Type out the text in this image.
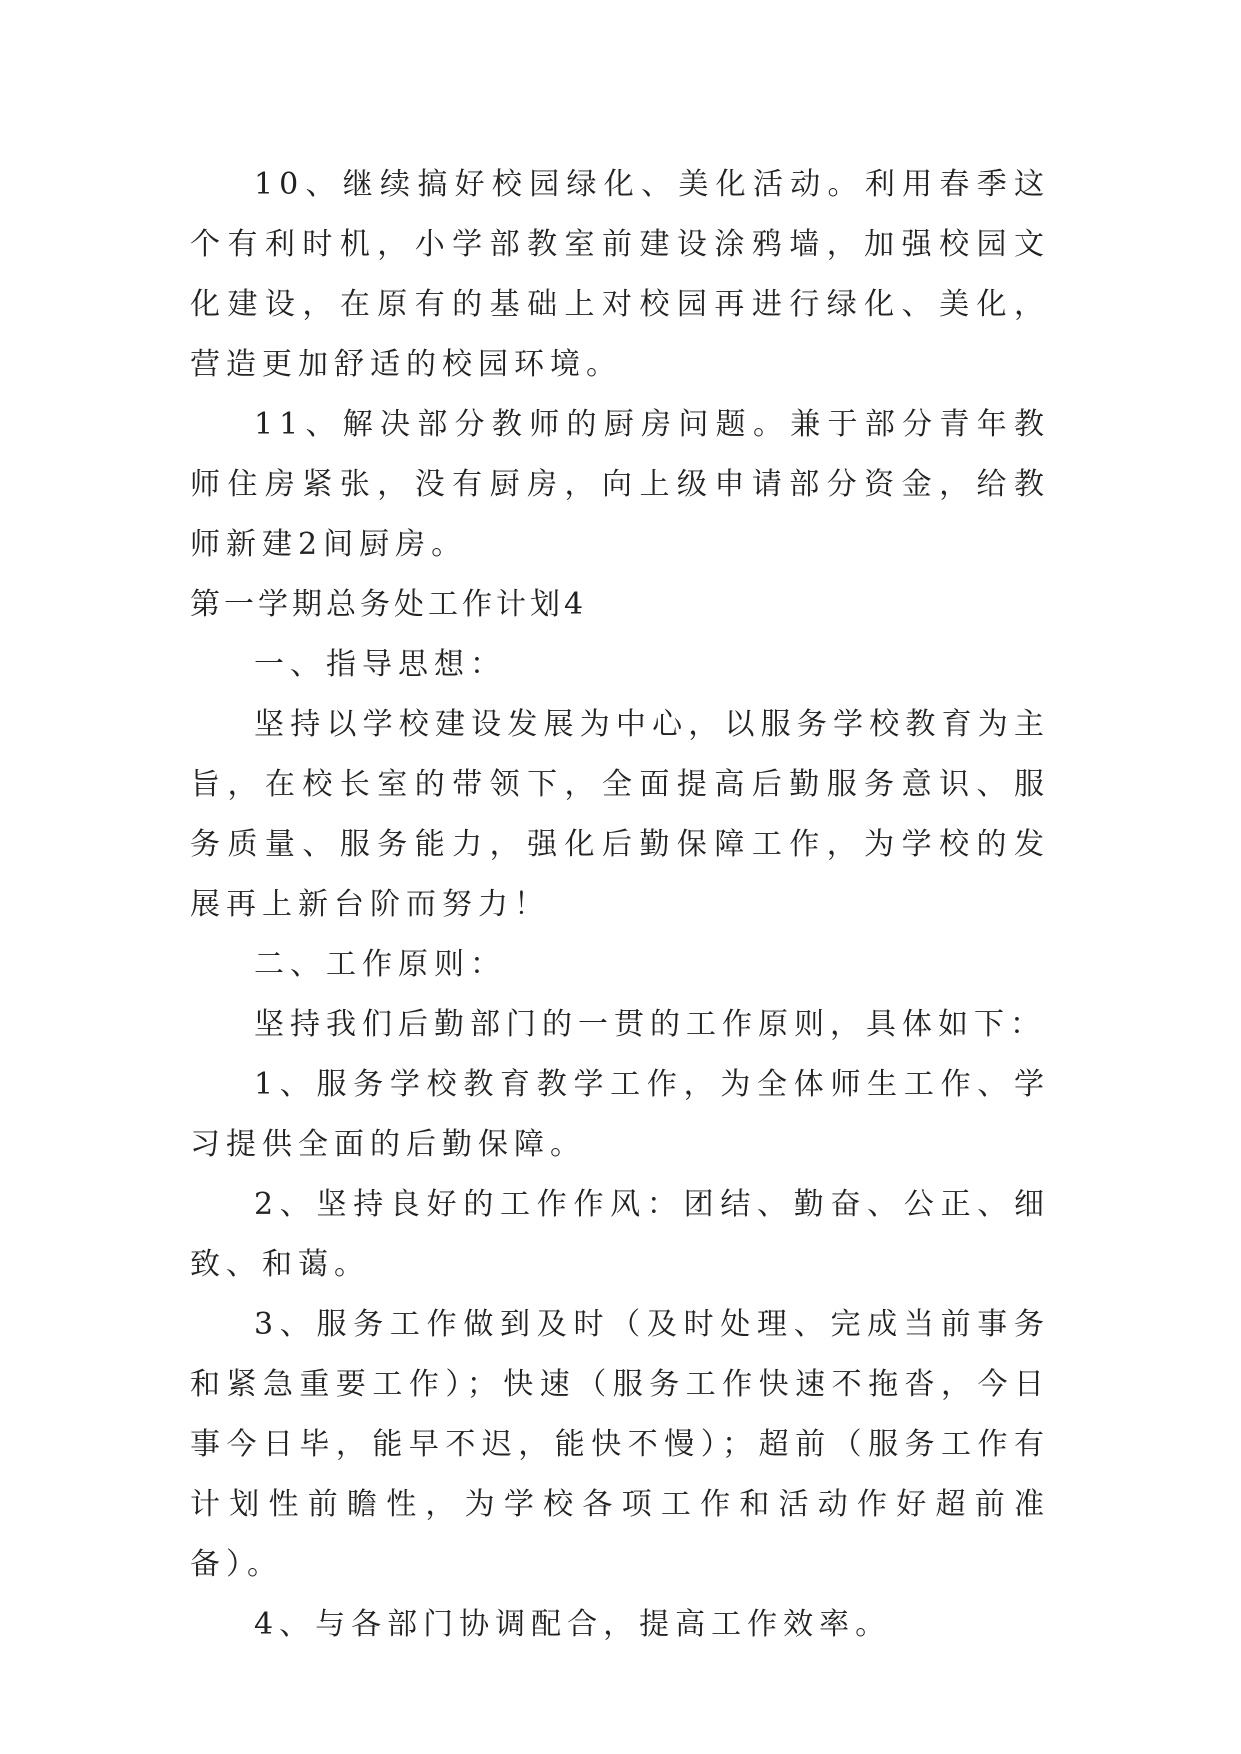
10、继续搞好校园绿化、美化活动。利用春季这个有利时机，小学部教室前建设涂鸦墙，加强校园文化建设，在原有的基础上对校园再进行绿化、美化，营造更加舒适的校园环境。

11、解决部分教师的厨房问题。兼于部分青年教师住房紧张，没有厨房，向上级申请部分资金，给教师新建2间厨房。

第一学期总务处工作计划4

一、指导思想：

坚持以学校建设发展为中心，以服务学校教育为主旨，在校长室的带领下，全面提高后勤服务意识、服务质量、服务能力，强化后勤保障工作，为学校的发展再上新台阶而努力！

二、工作原则：

坚持我们后勤部门的一贯的工作原则，具体如下：

1、服务学校教育教学工作，为全体师生工作、学习提供全面的后勤保障。

2、坚持良好的工作作风：团结、勤奋、公正、细致、和蔼。

3、服务工作做到及时（及时处理、完成当前事务和紧急重要工作）；快速（服务工作快速不拖沓，今日事今日毕，能早不迟，能快不慢）；超前（服务工作有计划性前瞻性，为学校各项工作和活动作好超前准备）。

4、与各部门协调配合，提高工作效率。
